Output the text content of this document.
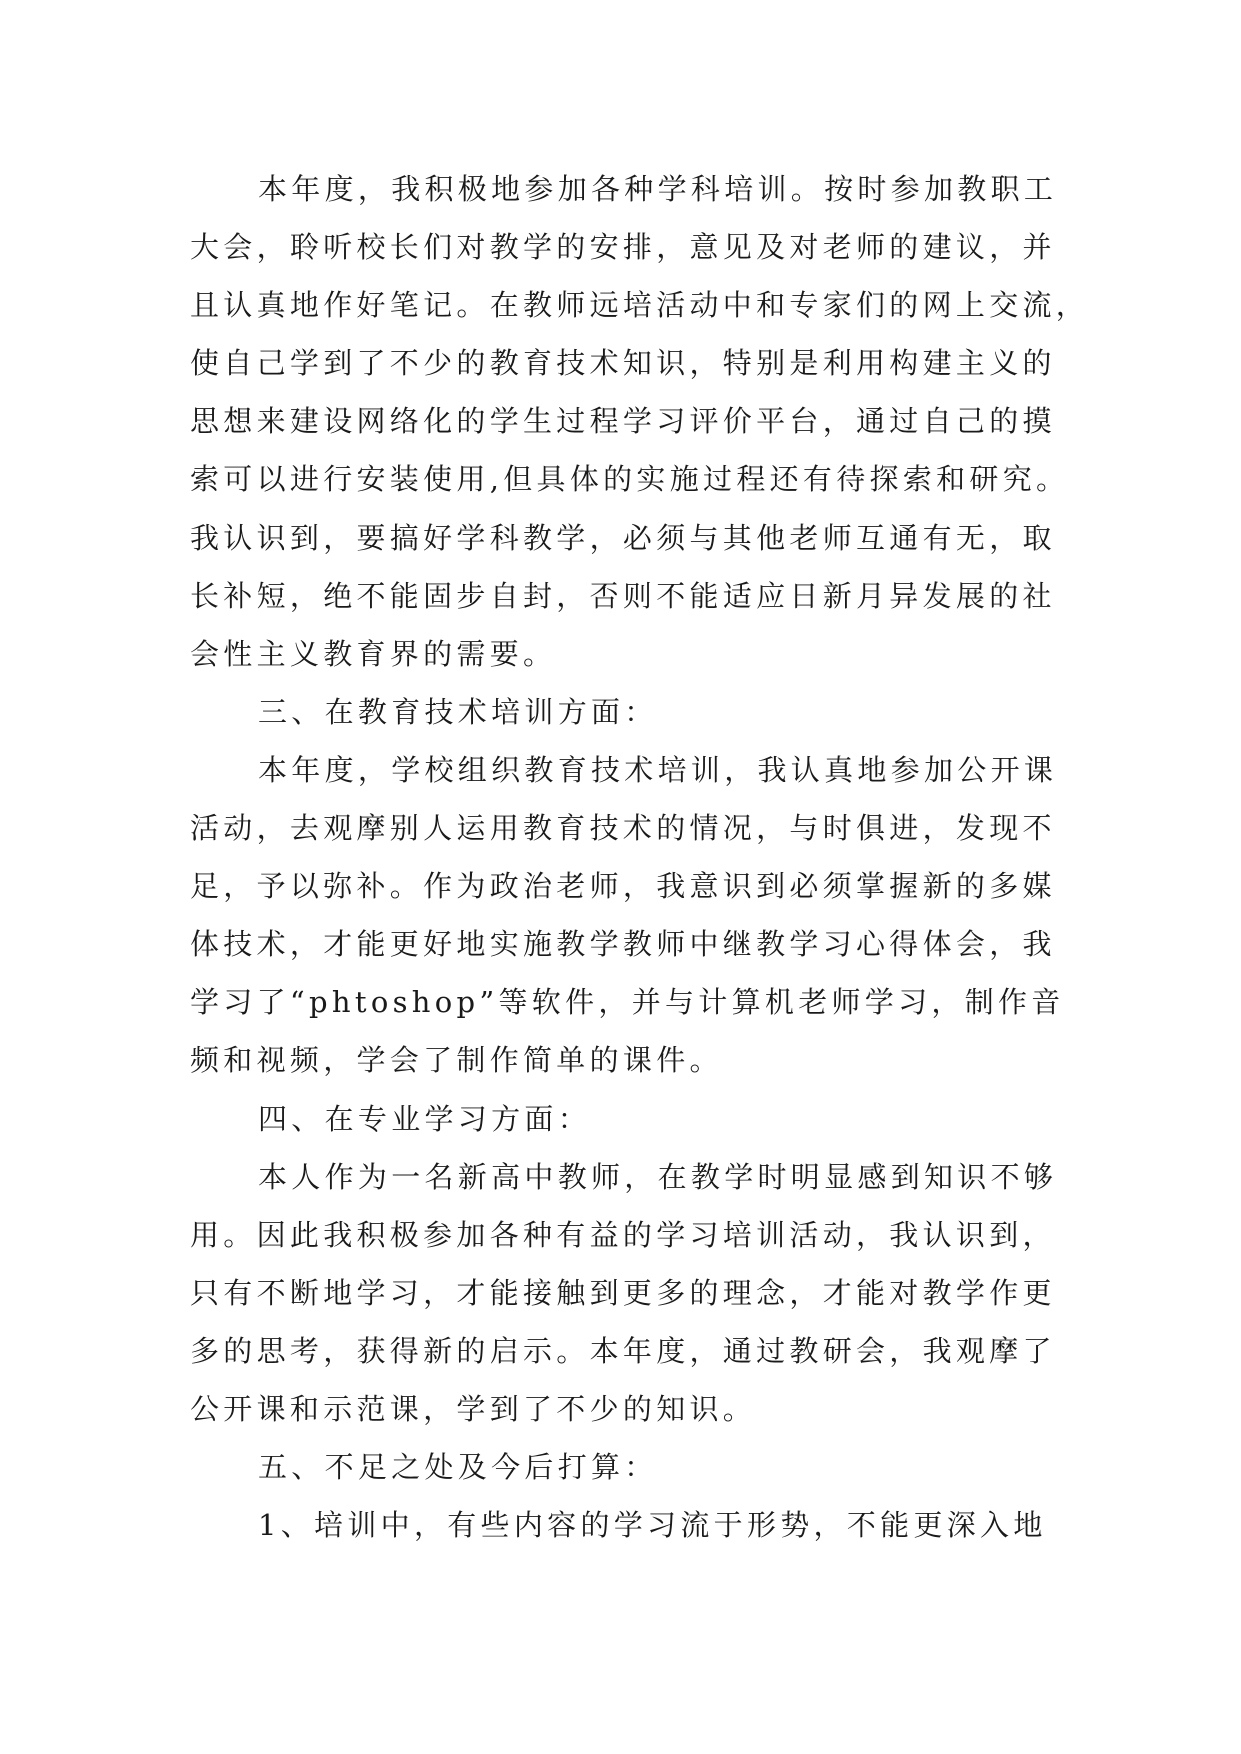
本年度，我积极地参加各种学科培训。按时参加教职工
大会，聆听校长们对教学的安排，意见及对老师的建议，并
且认真地作好笔记。在教师远培活动中和专家们的网上交流，
使自己学到了不少的教育技术知识，特别是利用构建主义的
思想来建设网络化的学生过程学习评价平台，通过自己的摸
索可以进行安装使用,但具体的实施过程还有待探索和研究。
我认识到，要搞好学科教学，必须与其他老师互通有无，取
长补短，绝不能固步自封，否则不能适应日新月异发展的社
会性主义教育界的需要。
三、在教育技术培训方面：
本年度，学校组织教育技术培训，我认真地参加公开课
活动，去观摩别人运用教育技术的情况，与时俱进，发现不
足，予以弥补。作为政治老师，我意识到必须掌握新的多媒
体技术，才能更好地实施教学教师中继教学习心得体会，我
学习了“phtoshop”等软件，并与计算机老师学习，制作音
频和视频，学会了制作简单的课件。
四、在专业学习方面：
本人作为一名新高中教师，在教学时明显感到知识不够
用。因此我积极参加各种有益的学习培训活动，我认识到，
只有不断地学习，才能接触到更多的理念，才能对教学作更
多的思考，获得新的启示。本年度，通过教研会，我观摩了
公开课和示范课，学到了不少的知识。
五、不足之处及今后打算：
1、培训中，有些内容的学习流于形势，不能更深入地
